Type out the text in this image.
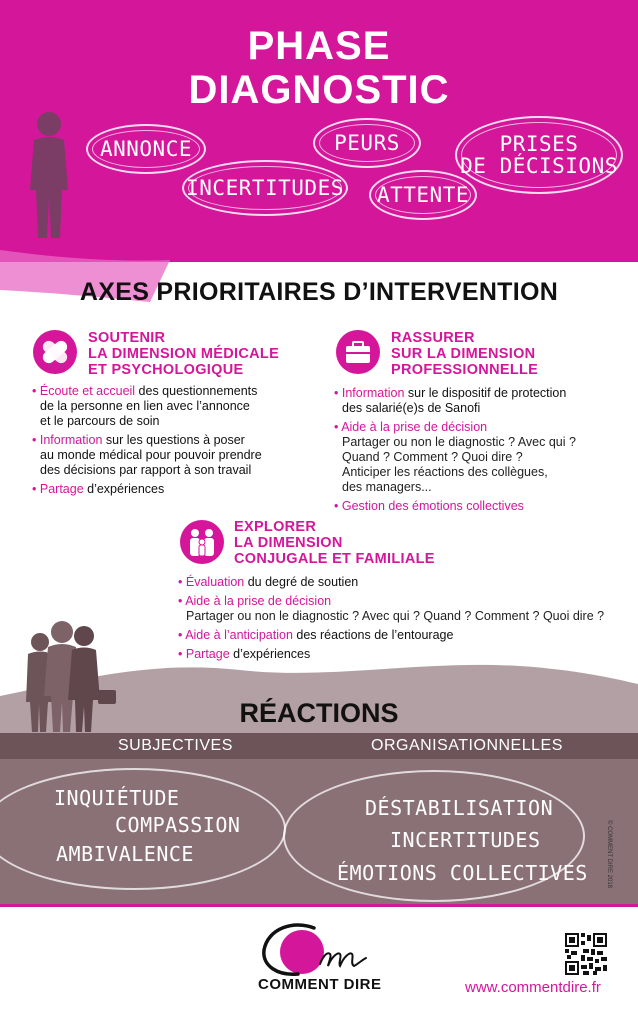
PHASE
DIAGNOSTIC
ANNONCE	PEURS	PRISES
DE DÉCISIONS
INCERTITUDES ATTENTE
AXES PRIORITAIRES D’INTERVENTION
SOUTENIR
LA DIMENSION MÉDICALE
ET PSYCHOLOGIQUE
• Écoute et accueil des questionnements
de la personne en lien avec l’annonce
et le parcours de soin
• Information sur les questions à poser
au monde médical pour pouvoir prendre
des décisions par rapport à son travail
• Partage d’expériences
RASSURER
SUR LA DIMENSION
PROFESSIONNELLE
• Information sur le dispositif de protection
des salarié(e)s de Sanofi
• Aide à la prise de décision
Partager ou non le diagnostic ? Avec qui ?
Quand ? Comment ? Quoi dire ?
Anticiper les réactions des collègues,
des managers...
• Gestion des émotions collectives
EXPLORER
LA DIMENSION
CONJUGALE ET FAMILIALE
• Évaluation du degré de soutien
• Aide à la prise de décision
Partager ou non le diagnostic ? Avec qui ? Quand ? Comment ? Quoi dire ?
• Aide à l’anticipation des réactions de l’entourage
• Partage d’expériences
RÉACTIONS
SUBJECTIVES	ORGANISATIONNELLES
INQUIÉTUDE
COMPASSION
AMBIVALENCE
DÉSTABILISATION
INCERTITUDES
ÉMOTIONS COLLECTIVES	© COMMENT DIRE 2018
COMMENT DIRE	www.commentdire.fr
